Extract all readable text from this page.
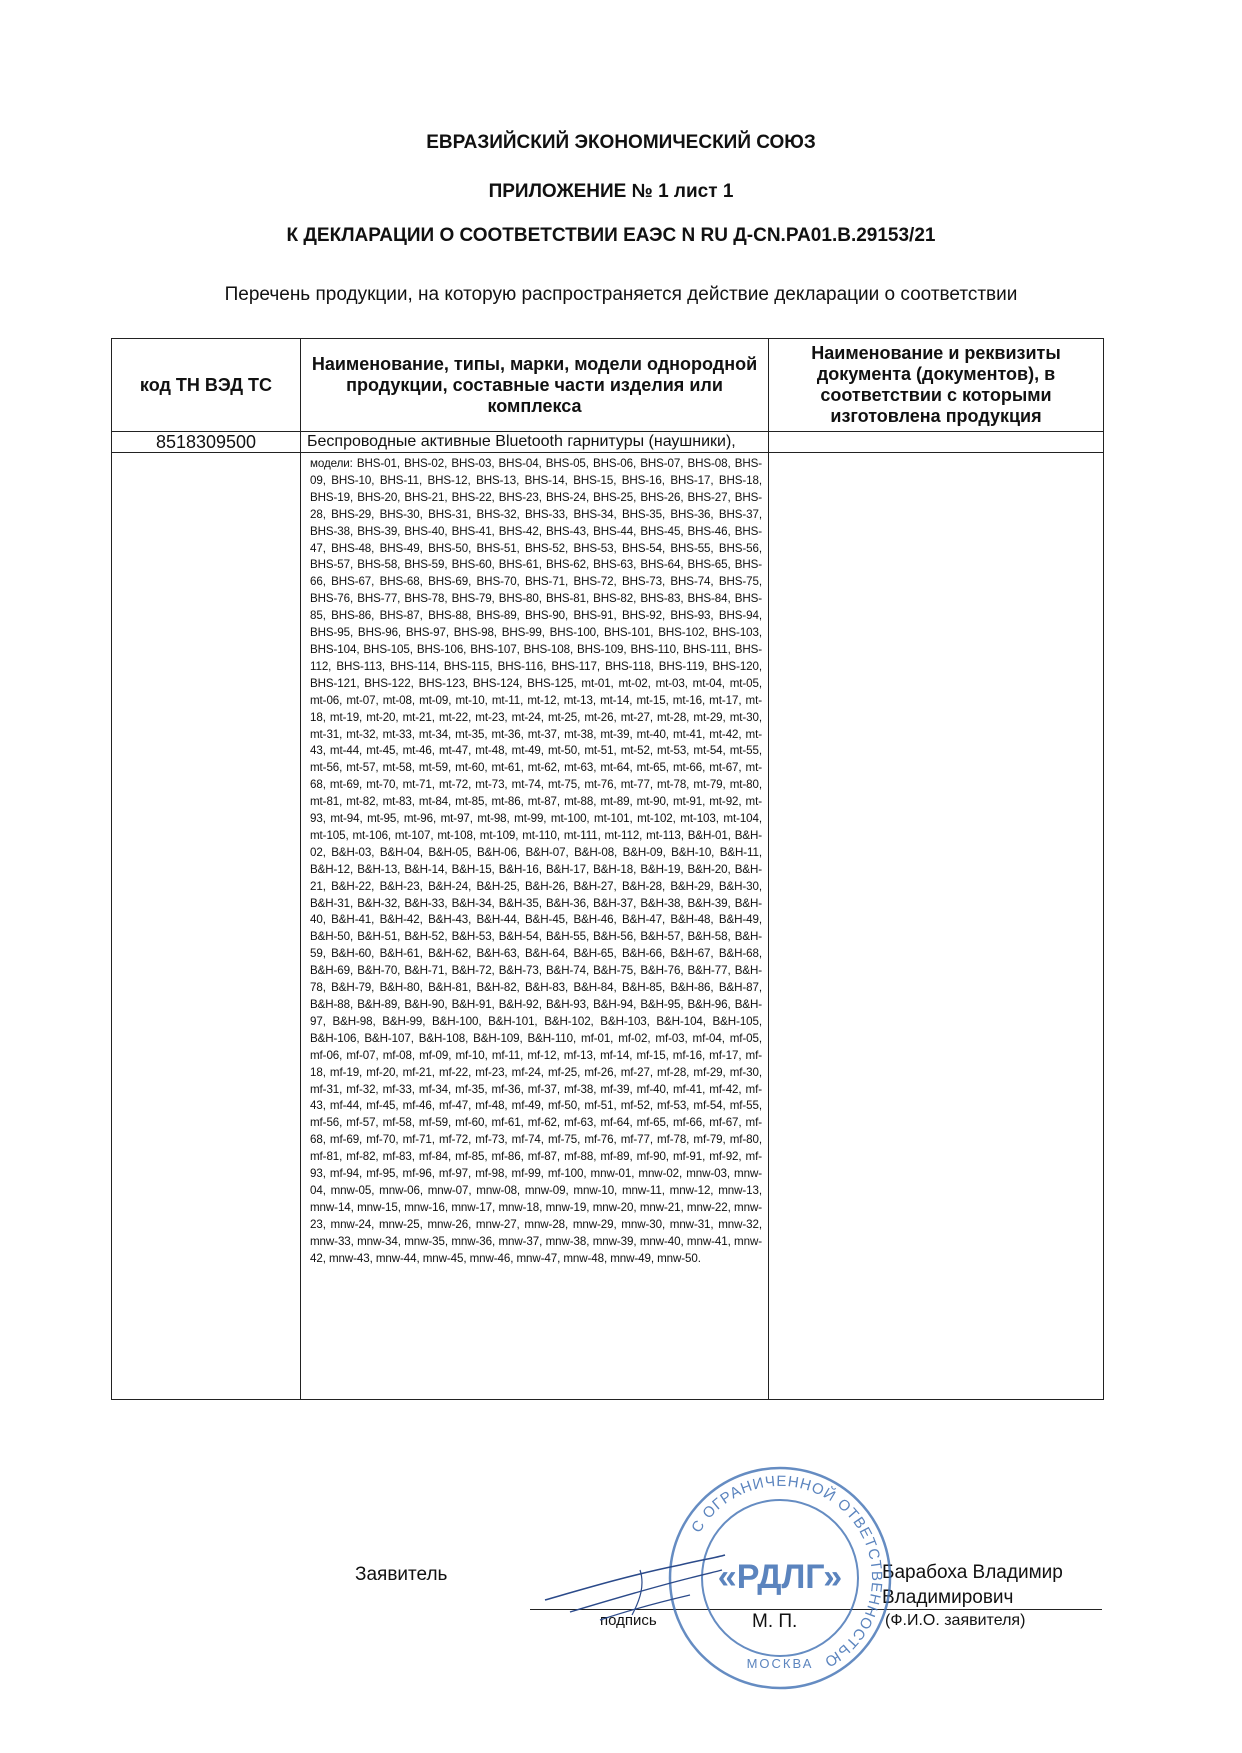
ЕВРАЗИЙСКИЙ ЭКОНОМИЧЕСКИЙ СОЮЗ
ПРИЛОЖЕНИЕ № 1 лист 1
К ДЕКЛАРАЦИИ О СООТВЕТСТВИИ ЕАЭС N RU Д-CN.PA01.B.29153/21
Перечень продукции, на которую распространяется действие декларации о соответствии
код ТН ВЭД ТС	Наименование, типы, марки, модели однородной продукции, составные части изделия или комплекса	Наименование и реквизиты документа (документов), в соответствии с которыми изготовлена продукция
8518309500	Беспроводные активные Bluetooth гарнитуры (наушники),	
	модели: BHS-01, BHS-02, BHS-03, BHS-04, BHS-05, BHS-06, BHS-07, BHS-08, BHS-09, BHS-10, BHS-11, BHS-12, BHS-13, BHS-14, BHS-15, BHS-16, BHS-17, BHS-18, BHS-19, BHS-20, BHS-21, BHS-22, BHS-23, BHS-24, BHS-25, BHS-26, BHS-27, BHS-28, BHS-29, BHS-30, BHS-31, BHS-32, BHS-33, BHS-34, BHS-35, BHS-36, BHS-37, BHS-38, BHS-39, BHS-40, BHS-41, BHS-42, BHS-43, BHS-44, BHS-45, BHS-46, BHS-47, BHS-48, BHS-49, BHS-50, BHS-51, BHS-52, BHS-53, BHS-54, BHS-55, BHS-56, BHS-57, BHS-58, BHS-59, BHS-60, BHS-61, BHS-62, BHS-63, BHS-64, BHS-65, BHS-66, BHS-67, BHS-68, BHS-69, BHS-70, BHS-71, BHS-72, BHS-73, BHS-74, BHS-75, BHS-76, BHS-77, BHS-78, BHS-79, BHS-80, BHS-81, BHS-82, BHS-83, BHS-84, BHS-85, BHS-86, BHS-87, BHS-88, BHS-89, BHS-90, BHS-91, BHS-92, BHS-93, BHS-94, BHS-95, BHS-96, BHS-97, BHS-98, BHS-99, BHS-100, BHS-101, BHS-102, BHS-103, BHS-104, BHS-105, BHS-106, BHS-107, BHS-108, BHS-109, BHS-110, BHS-111, BHS-112, BHS-113, BHS-114, BHS-115, BHS-116, BHS-117, BHS-118, BHS-119, BHS-120, BHS-121, BHS-122, BHS-123, BHS-124, BHS-125, mt-01, mt-02, mt-03, mt-04, mt-05, mt-06, mt-07, mt-08, mt-09, mt-10, mt-11, mt-12, mt-13, mt-14, mt-15, mt-16, mt-17, mt-18, mt-19, mt-20, mt-21, mt-22, mt-23, mt-24, mt-25, mt-26, mt-27, mt-28, mt-29, mt-30, mt-31, mt-32, mt-33, mt-34, mt-35, mt-36, mt-37, mt-38, mt-39, mt-40, mt-41, mt-42, mt-43, mt-44, mt-45, mt-46, mt-47, mt-48, mt-49, mt-50, mt-51, mt-52, mt-53, mt-54, mt-55, mt-56, mt-57, mt-58, mt-59, mt-60, mt-61, mt-62, mt-63, mt-64, mt-65, mt-66, mt-67, mt-68, mt-69, mt-70, mt-71, mt-72, mt-73, mt-74, mt-75, mt-76, mt-77, mt-78, mt-79, mt-80, mt-81, mt-82, mt-83, mt-84, mt-85, mt-86, mt-87, mt-88, mt-89, mt-90, mt-91, mt-92, mt-93, mt-94, mt-95, mt-96, mt-97, mt-98, mt-99, mt-100, mt-101, mt-102, mt-103, mt-104, mt-105, mt-106, mt-107, mt-108, mt-109, mt-110, mt-111, mt-112, mt-113, B&H-01, B&H-02, B&H-03, B&H-04, B&H-05, B&H-06, B&H-07, B&H-08, B&H-09, B&H-10, B&H-11, B&H-12, B&H-13, B&H-14, B&H-15, B&H-16, B&H-17, B&H-18, B&H-19, B&H-20, B&H-21, B&H-22, B&H-23, B&H-24, B&H-25, B&H-26, B&H-27, B&H-28, B&H-29, B&H-30, B&H-31, B&H-32, B&H-33, B&H-34, B&H-35, B&H-36, B&H-37, B&H-38, B&H-39, B&H-40, B&H-41, B&H-42, B&H-43, B&H-44, B&H-45, B&H-46, B&H-47, B&H-48, B&H-49, B&H-50, B&H-51, B&H-52, B&H-53, B&H-54, B&H-55, B&H-56, B&H-57, B&H-58, B&H-59, B&H-60, B&H-61, B&H-62, B&H-63, B&H-64, B&H-65, B&H-66, B&H-67, B&H-68, B&H-69, B&H-70, B&H-71, B&H-72, B&H-73, B&H-74, B&H-75, B&H-76, B&H-77, B&H-78, B&H-79, B&H-80, B&H-81, B&H-82, B&H-83, B&H-84, B&H-85, B&H-86, B&H-87, B&H-88, B&H-89, B&H-90, B&H-91, B&H-92, B&H-93, B&H-94, B&H-95, B&H-96, B&H-97, B&H-98, B&H-99, B&H-100, B&H-101, B&H-102, B&H-103, B&H-104, B&H-105, B&H-106, B&H-107, B&H-108, B&H-109, B&H-110, mf-01, mf-02, mf-03, mf-04, mf-05, mf-06, mf-07, mf-08, mf-09, mf-10, mf-11, mf-12, mf-13, mf-14, mf-15, mf-16, mf-17, mf-18, mf-19, mf-20, mf-21, mf-22, mf-23, mf-24, mf-25, mf-26, mf-27, mf-28, mf-29, mf-30, mf-31, mf-32, mf-33, mf-34, mf-35, mf-36, mf-37, mf-38, mf-39, mf-40, mf-41, mf-42, mf-43, mf-44, mf-45, mf-46, mf-47, mf-48, mf-49, mf-50, mf-51, mf-52, mf-53, mf-54, mf-55, mf-56, mf-57, mf-58, mf-59, mf-60, mf-61, mf-62, mf-63, mf-64, mf-65, mf-66, mf-67, mf-68, mf-69, mf-70, mf-71, mf-72, mf-73, mf-74, mf-75, mf-76, mf-77, mf-78, mf-79, mf-80, mf-81, mf-82, mf-83, mf-84, mf-85, mf-86, mf-87, mf-88, mf-89, mf-90, mf-91, mf-92, mf-93, mf-94, mf-95, mf-96, mf-97, mf-98, mf-99, mf-100, mnw-01, mnw-02, mnw-03, mnw-04, mnw-05, mnw-06, mnw-07, mnw-08, mnw-09, mnw-10, mnw-11, mnw-12, mnw-13, mnw-14, mnw-15, mnw-16, mnw-17, mnw-18, mnw-19, mnw-20, mnw-21, mnw-22, mnw-23, mnw-24, mnw-25, mnw-26, mnw-27, mnw-28, mnw-29, mnw-30, mnw-31, mnw-32, mnw-33, mnw-34, mnw-35, mnw-36, mnw-37, mnw-38, mnw-39, mnw-40, mnw-41, mnw-42, mnw-43, mnw-44, mnw-45, mnw-46, mnw-47, mnw-48, mnw-49, mnw-50.	
Заявитель
подпись	М. П.
Барабоха Владимир
Владимирович
(Ф.И.О. заявителя)
С ОГРАНИЧЕННОЙ ОТВЕТСТВЕННОСТЬЮ
МОСКВА
«РДЛГ»
